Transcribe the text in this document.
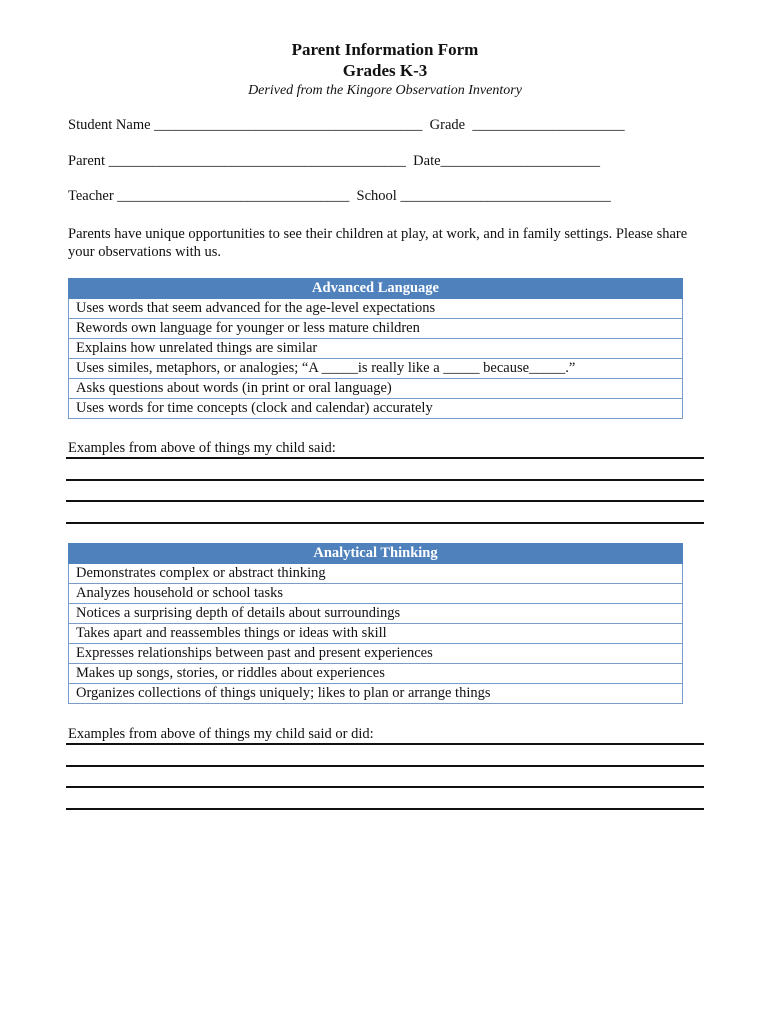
Parent Information Form
Grades K-3
Derived from the Kingore Observation Inventory
Student Name _____________________________________  Grade  _____________________
Parent _________________________________________  Date______________________
Teacher ________________________________  School _____________________________
Parents have unique opportunities to see their children at play, at work, and in family settings. Please share your observations with us.
Advanced Language
Uses words that seem advanced for the age-level expectations
Rewords own language for younger or less mature children
Explains how unrelated things are similar
Uses similes, metaphors, or analogies; “A _____is really like a _____ because_____.”
Asks questions about words (in print or oral language)
Uses words for time concepts (clock and calendar) accurately
Examples from above of things my child said:
Analytical Thinking
Demonstrates complex or abstract thinking
Analyzes household or school tasks
Notices a surprising depth of details about surroundings
Takes apart and reassembles things or ideas with skill
Expresses relationships between past and present experiences
Makes up songs, stories, or riddles about experiences
Organizes collections of things uniquely; likes to plan or arrange things
Examples from above of things my child said or did:
